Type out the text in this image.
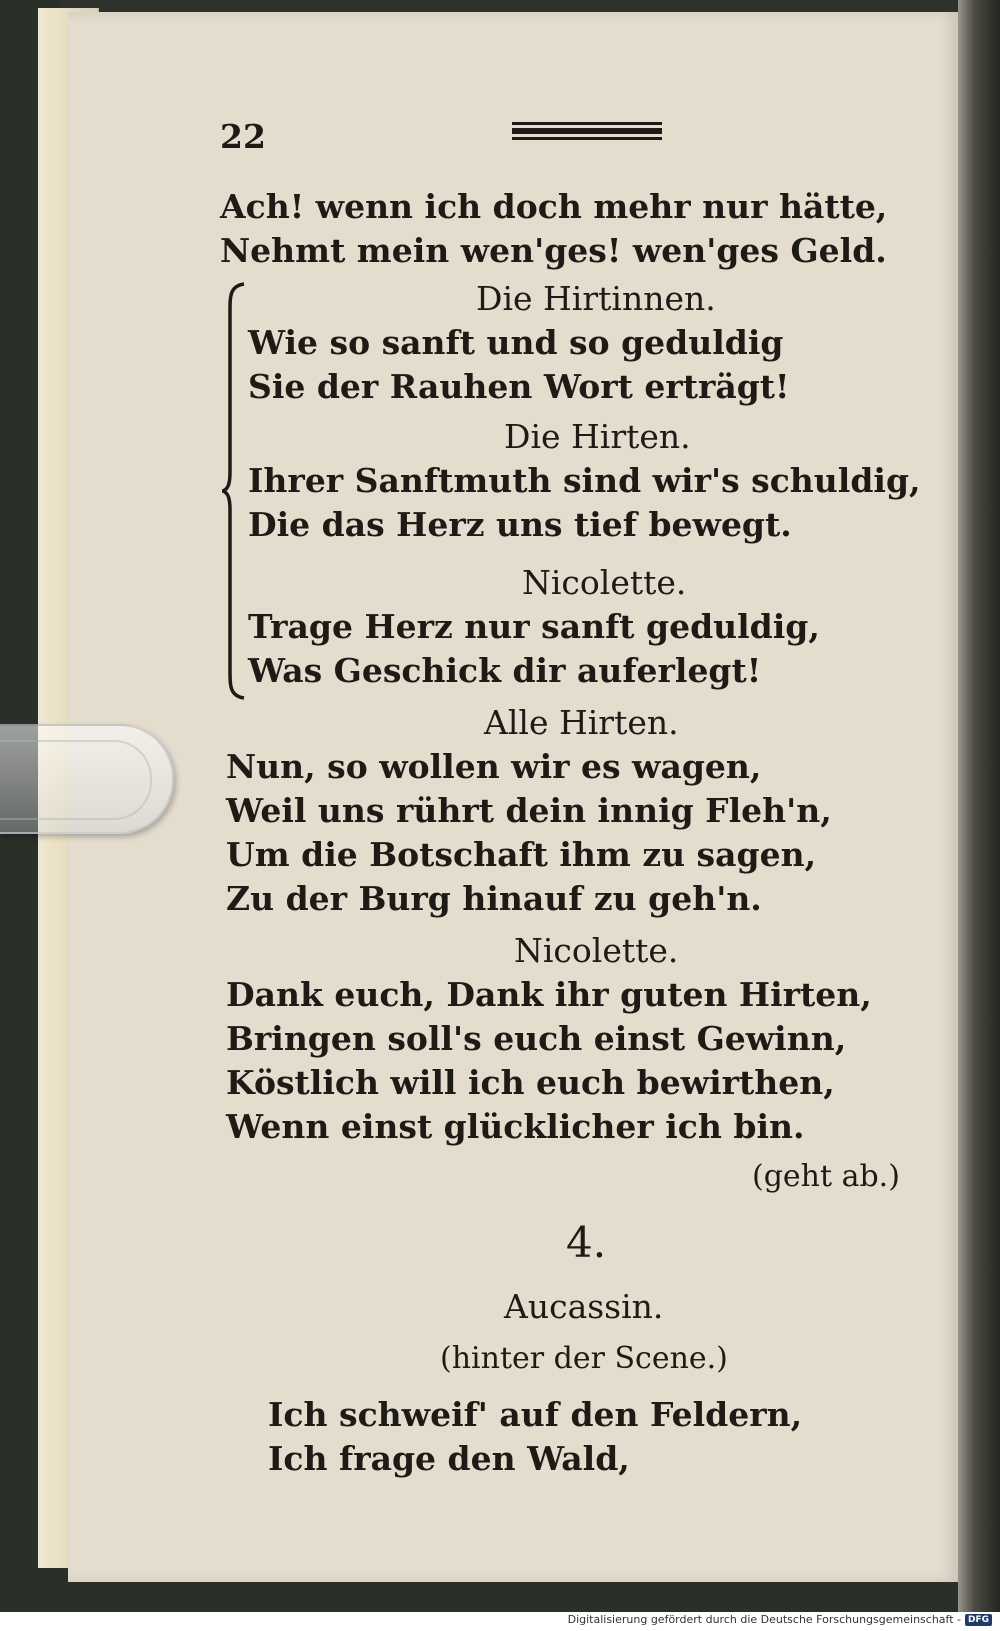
22
Ach! wenn ich doch mehr nur hätte,
Nehmt mein wen'ges! wen'ges Geld.
Die Hirtinnen.
Wie so sanft und so geduldig
Sie der Rauhen Wort erträgt!
Die Hirten.
Ihrer Sanftmuth sind wir's schuldig,
Die das Herz uns tief bewegt.
Nicolette.
Trage Herz nur sanft geduldig,
Was Geschick dir auferlegt!
Alle Hirten.
Nun, so wollen wir es wagen,
Weil uns rührt dein innig Fleh'n,
Um die Botschaft ihm zu sagen,
Zu der Burg hinauf zu geh'n.
Nicolette.
Dank euch, Dank ihr guten Hirten,
Bringen soll's euch einst Gewinn,
Köstlich will ich euch bewirthen,
Wenn einst glücklicher ich bin.
(geht ab.)
4.
Aucassin.
(hinter der Scene.)
Ich schweif' auf den Feldern,
Ich frage den Wald,
Digitalisierung gefördert durch die Deutsche Forschungsgemeinschaft - DFG
